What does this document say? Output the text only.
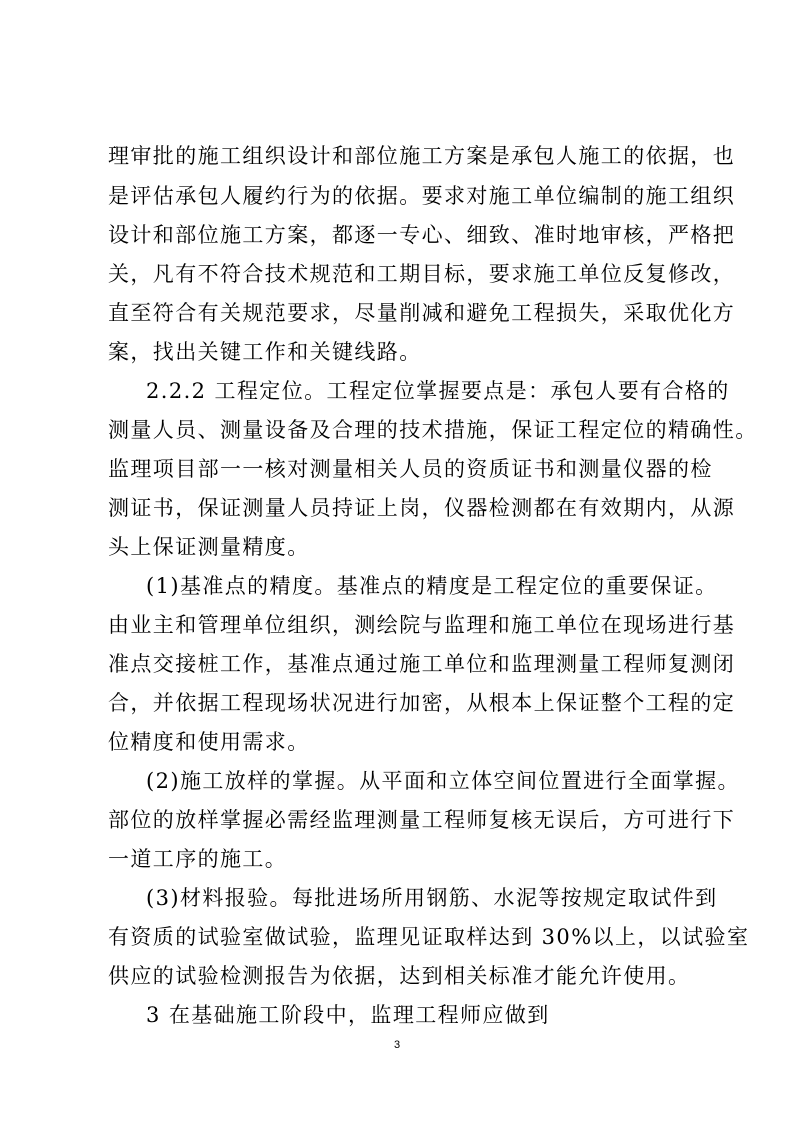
理审批的施工组织设计和部位施工方案是承包人施工的依据，也
是评估承包人履约行为的依据。要求对施工单位编制的施工组织
设计和部位施工方案，都逐一专心、细致、准时地审核，严格把
关，凡有不符合技术规范和工期目标，要求施工单位反复修改，
直至符合有关规范要求，尽量削减和避免工程损失，采取优化方
案，找出关键工作和关键线路。
2.2.2 工程定位。工程定位掌握要点是：承包人要有合格的
测量人员、测量设备及合理的技术措施，保证工程定位的精确性。
监理项目部一一核对测量相关人员的资质证书和测量仪器的检
测证书，保证测量人员持证上岗，仪器检测都在有效期内，从源
头上保证测量精度。
(1)基准点的精度。基准点的精度是工程定位的重要保证。
由业主和管理单位组织，测绘院与监理和施工单位在现场进行基
准点交接桩工作，基准点通过施工单位和监理测量工程师复测闭
合，并依据工程现场状况进行加密，从根本上保证整个工程的定
位精度和使用需求。
(2)施工放样的掌握。从平面和立体空间位置进行全面掌握。
部位的放样掌握必需经监理测量工程师复核无误后，方可进行下
一道工序的施工。
(3)材料报验。每批进场所用钢筋、水泥等按规定取试件到
有资质的试验室做试验，监理见证取样达到 30%以上，以试验室
供应的试验检测报告为依据，达到相关标准才能允许使用。
3 在基础施工阶段中，监理工程师应做到
3
